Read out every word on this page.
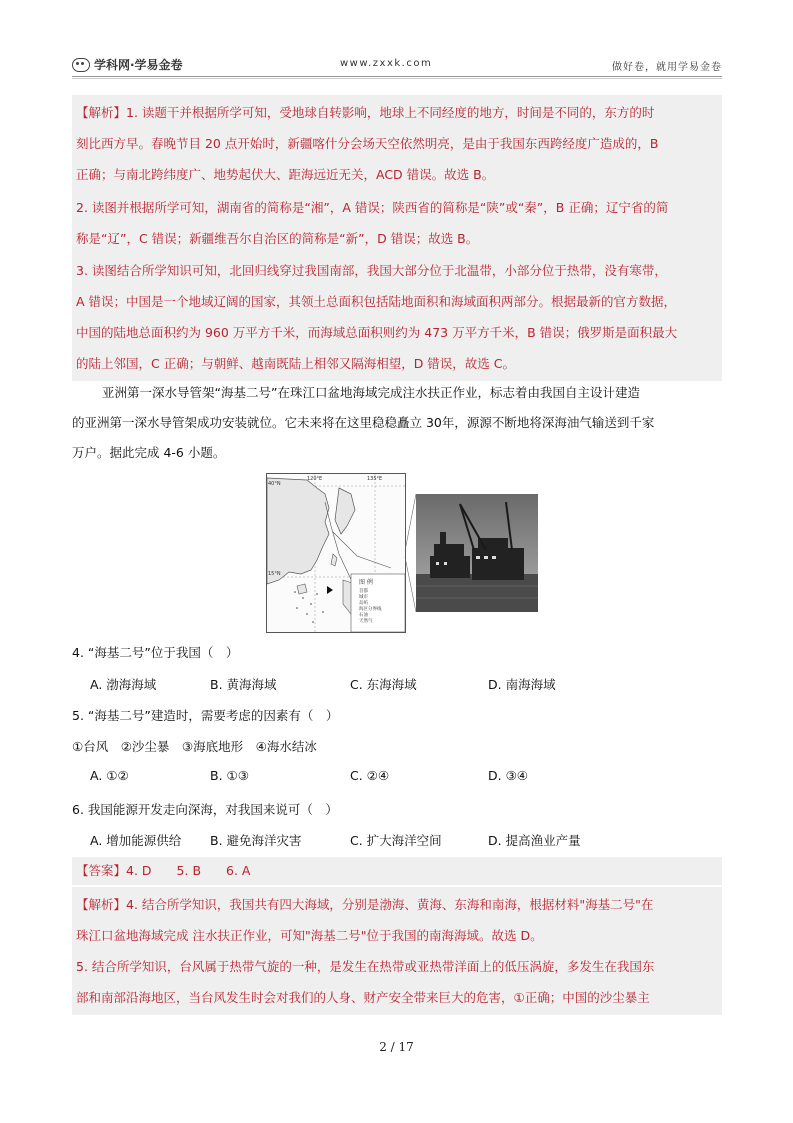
学科网·学易金卷	www.zxxk.com	做好卷，就用学易金卷
【解析】1. 读题干并根据所学可知，受地球自转影响，地球上不同经度的地方，时间是不同的，东方的时
刻比西方早。春晚节目 20 点开始时，新疆喀什分会场天空依然明亮，是由于我国东西跨经度广造成的，B
正确；与南北跨纬度广、地势起伏大、距海远近无关，ACD 错误。故选 B。
2. 读图并根据所学可知，湖南省的简称是“湘”，A 错误；陕西省的简称是“陕”或“秦”，B 正确；辽宁省的简
称是“辽”，C 错误；新疆维吾尔自治区的简称是“新”，D 错误；故选 B。
3. 读图结合所学知识可知，北回归线穿过我国南部，我国大部分位于北温带，小部分位于热带，没有寒带，
A 错误；中国是一个地域辽阔的国家，其领土总面积包括陆地面积和海域面积两部分。根据最新的官方数据，
中国的陆地总面积约为 960 万平方千米，而海域总面积则约为 473 万平方千米，B 错误；俄罗斯是面积最大
的陆上邻国，C 正确；与朝鲜、越南既陆上相邻又隔海相望，D 错误，故选 C。
亚洲第一深水导管架“海基二号”在珠江口盆地海域完成注水扶正作业，标志着由我国自主设计建造
的亚洲第一深水导管架成功安装就位。它未来将在这里稳稳矗立 30年，源源不断地将深海油气输送到千家
万户。据此完成 4-6 小题。
图 例
首都
城市
岛屿
海区分界线
石油
天然气
120°E	135°E
40°N
15°N
4. “海基二号”位于我国（　）
A. 渤海海域	B. 黄海海域	C. 东海海域	D. 南海海域
5. “海基二号”建造时，需要考虑的因素有（　）
①台风　②沙尘暴　③海底地形　④海水结冰
A. ①②	B. ①③	C. ②④	D. ③④
6. 我国能源开发走向深海，对我国来说可（　）
A. 增加能源供给 B. 避免海洋灾害	C. 扩大海洋空间	D. 提高渔业产量
【答案】4. D　　5. B　　6. A
【解析】4. 结合所学知识，我国共有四大海域，分别是渤海、黄海、东海和南海，根据材料"海基二号"在
珠江口盆地海域完成 注水扶正作业，可知"海基二号"位于我国的南海海域。故选 D。
5. 结合所学知识，台风属于热带气旋的一种，是发生在热带或亚热带洋面上的低压涡旋，多发生在我国东
部和南部沿海地区，当台风发生时会对我们的人身、财产安全带来巨大的危害，①正确；中国的沙尘暴主
2 / 17
